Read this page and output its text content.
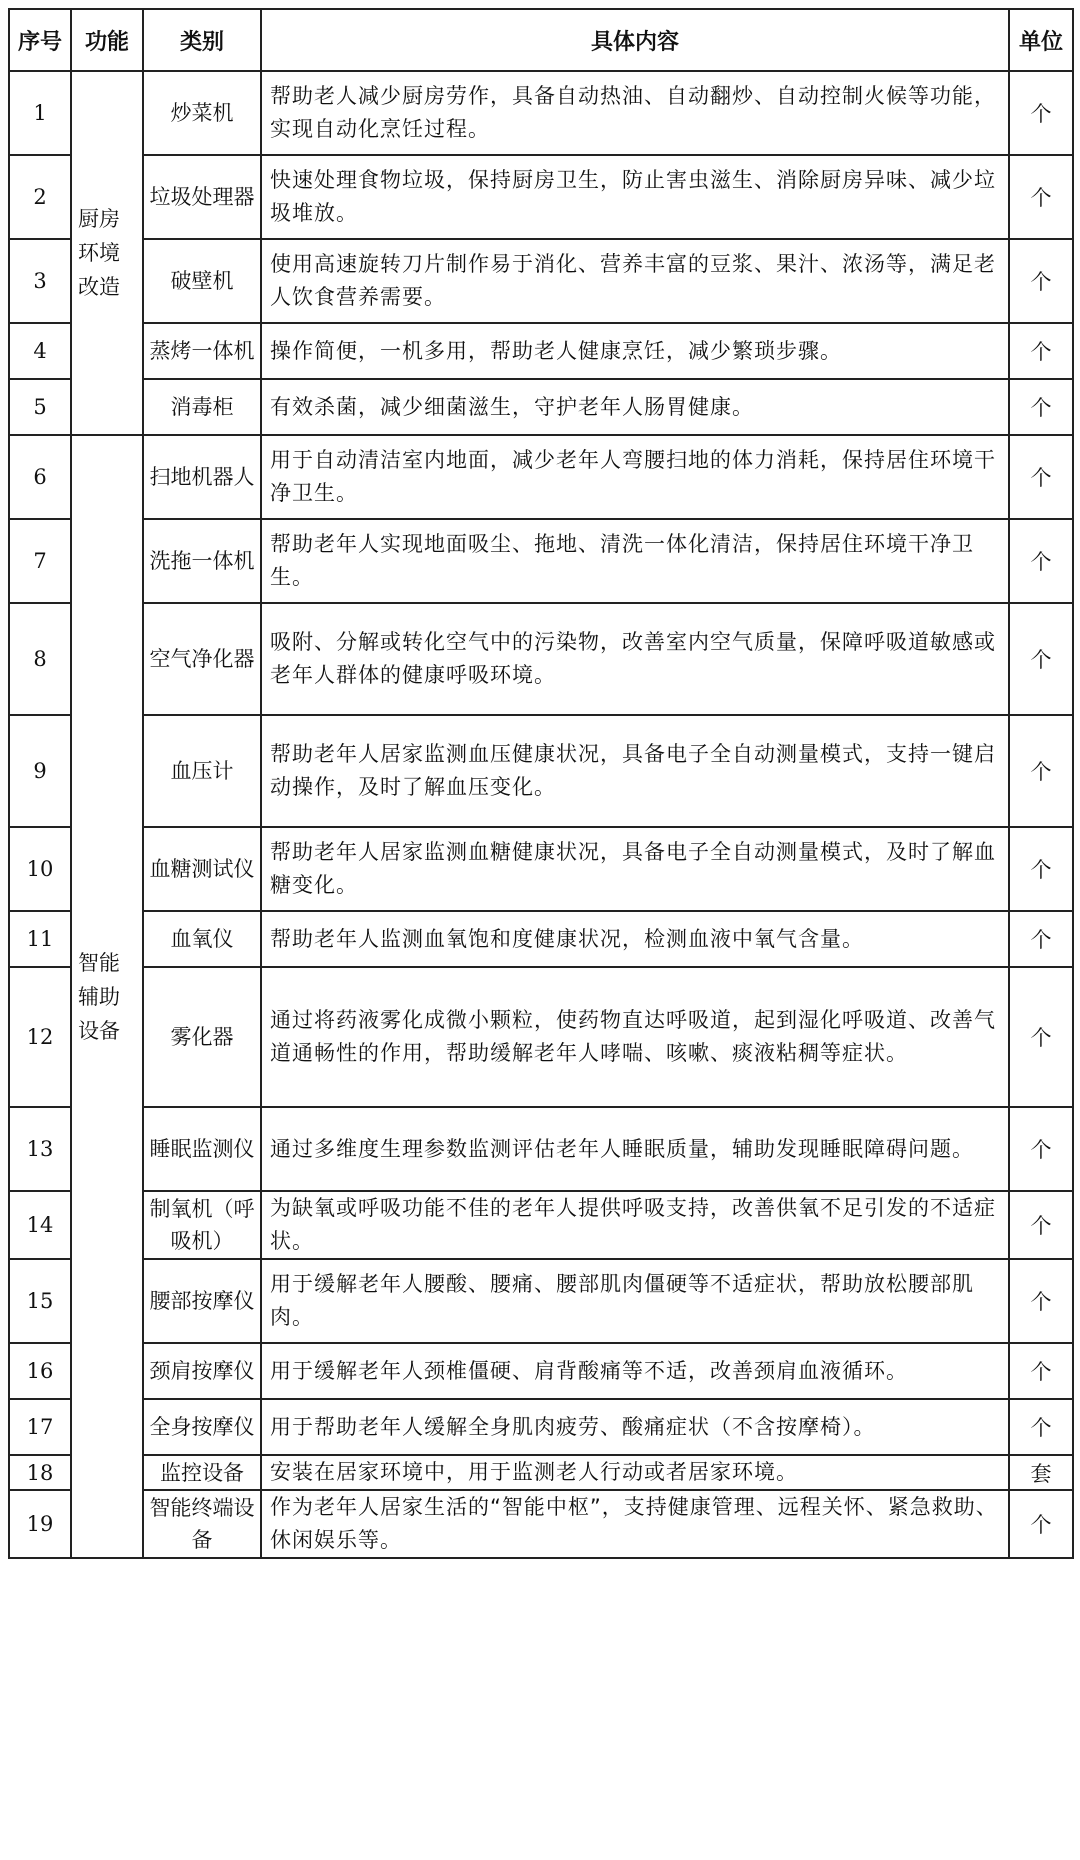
序号	功能	类别	具体内容	单位
1	厨房环境改造	炒菜机	帮助老人减少厨房劳作，具备自动热油、自动翻炒、自动控制火候等功能，实现自动化烹饪过程。	个
2		垃圾处理器	快速处理食物垃圾，保持厨房卫生，防止害虫滋生、消除厨房异味、减少垃圾堆放。	个
3		破壁机	使用高速旋转刀片制作易于消化、营养丰富的豆浆、果汁、浓汤等，满足老人饮食营养需要。	个
4		蒸烤一体机	操作简便，一机多用，帮助老人健康烹饪，减少繁琐步骤。	个
5		消毒柜	有效杀菌，减少细菌滋生，守护老年人肠胃健康。	个
6	智能辅助设备	扫地机器人	用于自动清洁室内地面，减少老年人弯腰扫地的体力消耗，保持居住环境干净卫生。	个
7		洗拖一体机	帮助老年人实现地面吸尘、拖地、清洗一体化清洁，保持居住环境干净卫生。	个
8		空气净化器	吸附、分解或转化空气中的污染物，改善室内空气质量，保障呼吸道敏感或老年人群体的健康呼吸环境。	个
9		血压计	帮助老年人居家监测血压健康状况，具备电子全自动测量模式，支持一键启动操作，及时了解血压变化。	个
10		血糖测试仪	帮助老年人居家监测血糖健康状况，具备电子全自动测量模式，及时了解血糖变化。	个
11		血氧仪	帮助老年人监测血氧饱和度健康状况，检测血液中氧气含量。	个
12		雾化器	通过将药液雾化成微小颗粒，使药物直达呼吸道，起到湿化呼吸道、改善气道通畅性的作用，帮助缓解老年人哮喘、咳嗽、痰液粘稠等症状。	个
13		睡眠监测仪	通过多维度生理参数监测评估老年人睡眠质量，辅助发现睡眠障碍问题。	个
14		制氧机（呼吸机）	为缺氧或呼吸功能不佳的老年人提供呼吸支持，改善供氧不足引发的不适症状。	个
15		腰部按摩仪	用于缓解老年人腰酸、腰痛、腰部肌肉僵硬等不适症状，帮助放松腰部肌肉。	个
16		颈肩按摩仪	用于缓解老年人颈椎僵硬、肩背酸痛等不适，改善颈肩血液循环。	个
17		全身按摩仪	用于帮助老年人缓解全身肌肉疲劳、酸痛症状（不含按摩椅）。	个
18		监控设备	安装在居家环境中，用于监测老人行动或者居家环境。	套
19		智能终端设备	作为老年人居家生活的“智能中枢”，支持健康管理、远程关怀、紧急救助、休闲娱乐等。	个
